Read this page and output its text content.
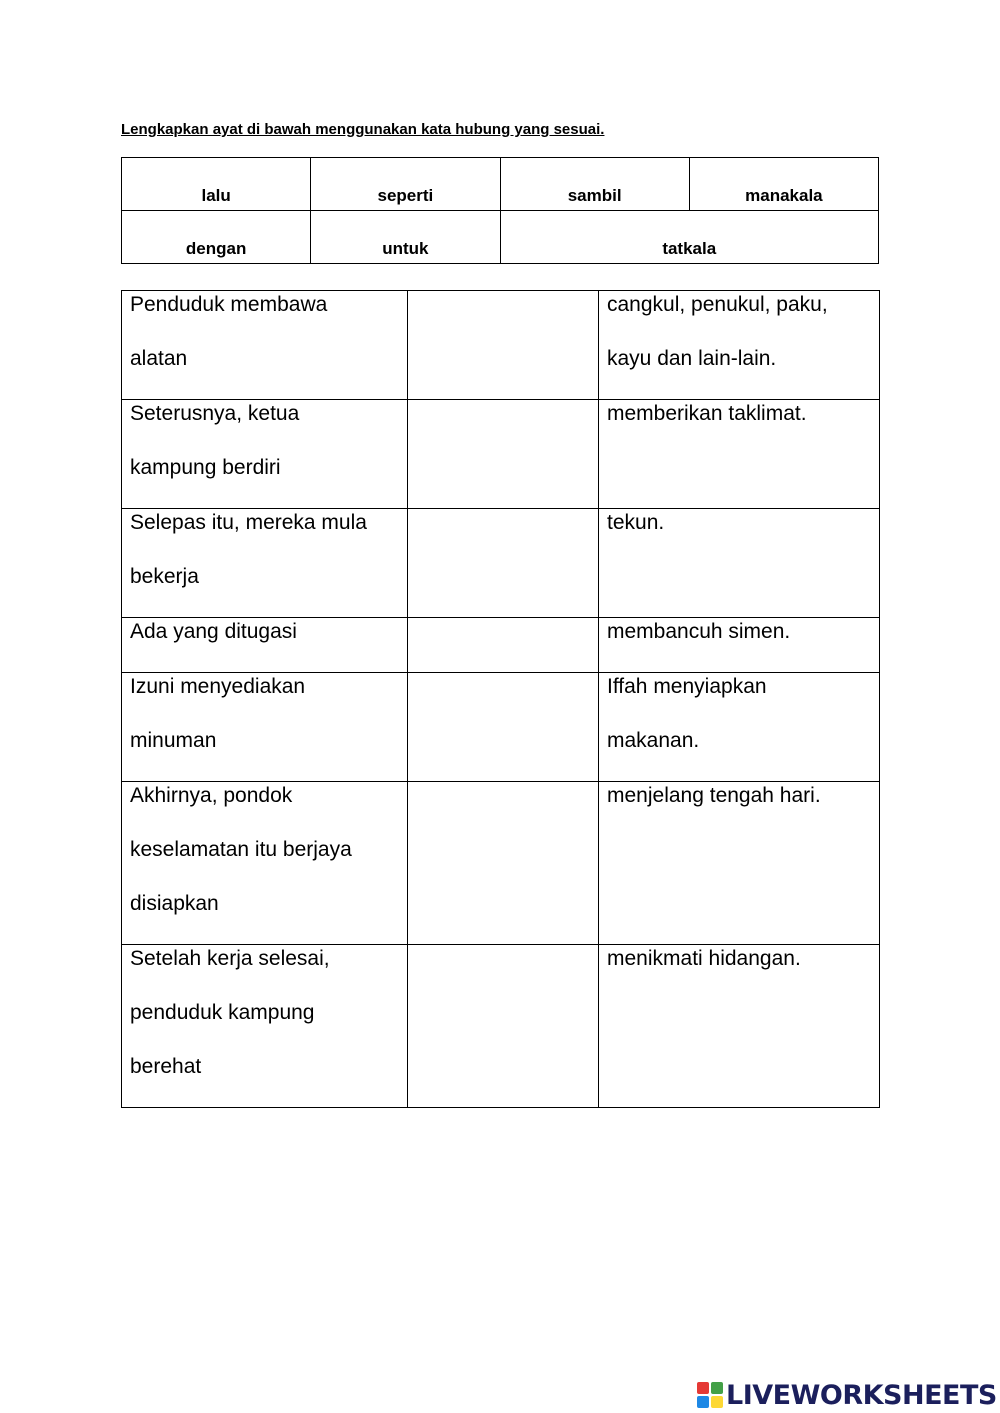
Lengkapkan ayat di bawah menggunakan kata hubung yang sesuai.
lalu	seperti	sambil	manakala
dengan	untuk	tatkala	
Penduduk membawa
alatan		cangkul, penukul, paku,
kayu dan lain-lain.

Seterusnya, ketua
kampung berdiri		memberikan taklimat.

Selepas itu, mereka mula
bekerja		tekun.

Ada yang ditugasi		membancuh simen.

Izuni menyediakan
minuman		Iffah menyiapkan
makanan.

Akhirnya, pondok
keselamatan itu berjaya
disiapkan		menjelang tengah hari.

Setelah kerja selesai,
penduduk kampung
berehat		menikmati hidangan.
LIVEWORKSHEETS
